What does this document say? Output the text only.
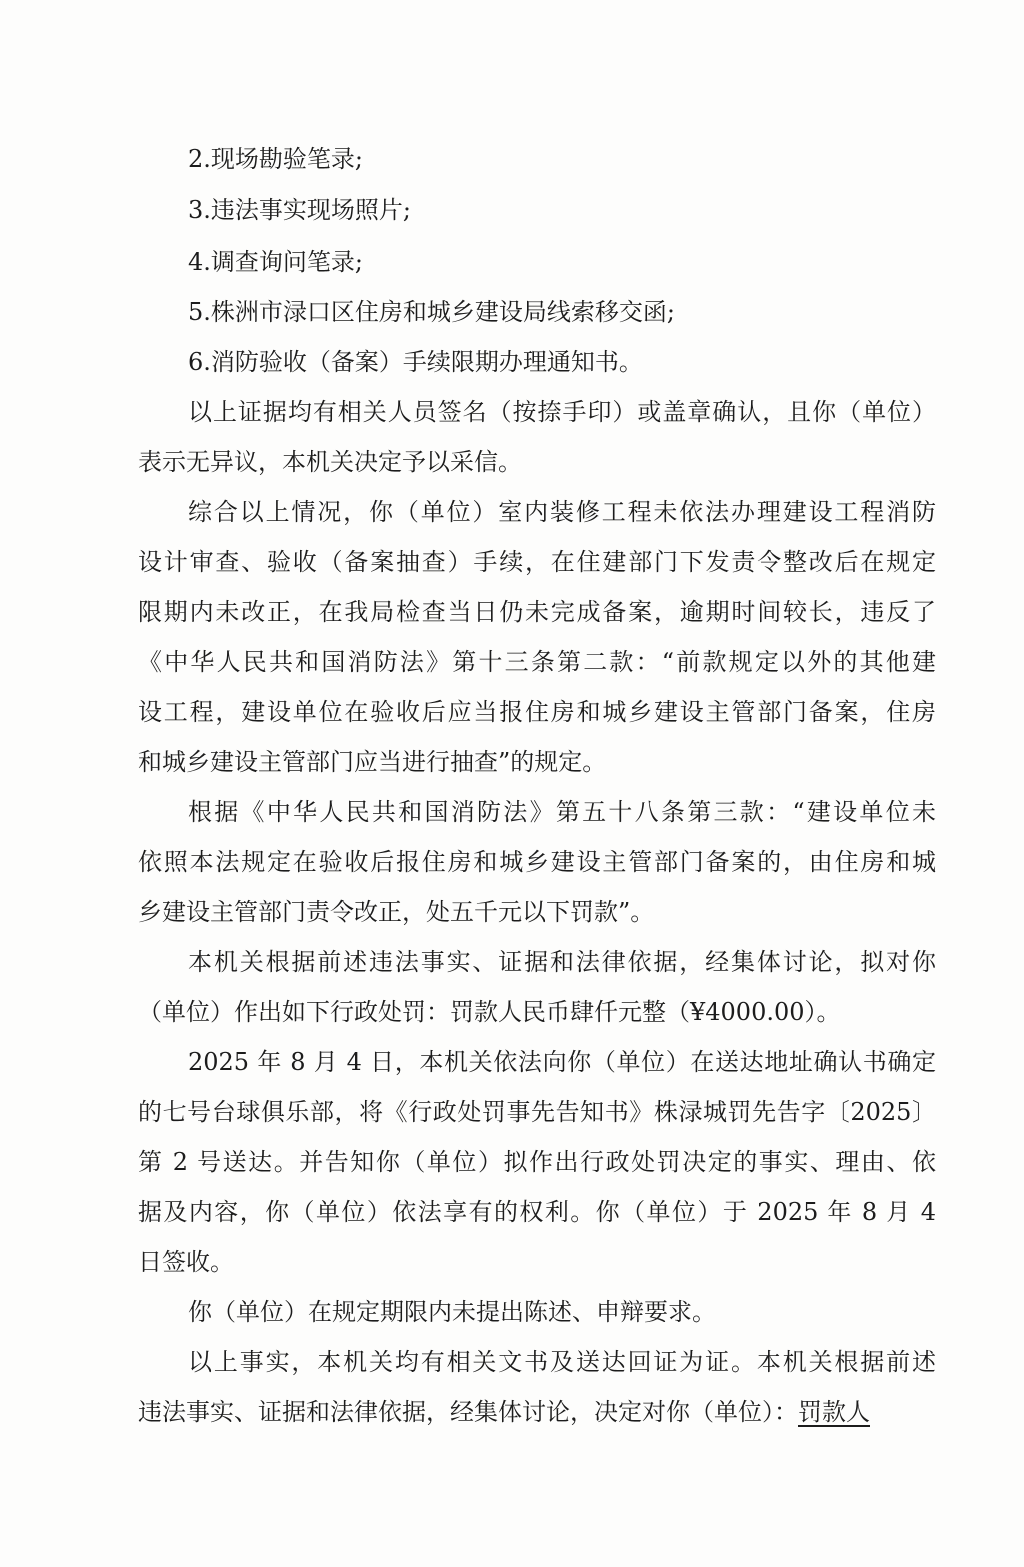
2.现场勘验笔录;
3.违法事实现场照片;
4.调查询问笔录;
5.株洲市渌口区住房和城乡建设局线索移交函;
6.消防验收（备案）手续限期办理通知书。
以上证据均有相关人员签名（按捺手印）或盖章确认，且你（单位）
表示无异议，本机关决定予以采信。
综合以上情况，你（单位）室内装修工程未依法办理建设工程消防
设计审查、验收（备案抽查）手续，在住建部门下发责令整改后在规定
限期内未改正，在我局检查当日仍未完成备案，逾期时间较长，违反了
《中华人民共和国消防法》第十三条第二款：“前款规定以外的其他建
设工程，建设单位在验收后应当报住房和城乡建设主管部门备案，住房
和城乡建设主管部门应当进行抽查”的规定。
根据《中华人民共和国消防法》第五十八条第三款：“建设单位未
依照本法规定在验收后报住房和城乡建设主管部门备案的，由住房和城
乡建设主管部门责令改正，处五千元以下罚款”。
本机关根据前述违法事实、证据和法律依据，经集体讨论，拟对你
（单位）作出如下行政处罚：罚款人民币肆仟元整（¥4000.00）。
2025 年 8 月 4 日，本机关依法向你（单位）在送达地址确认书确定
的七号台球俱乐部，将《行政处罚事先告知书》株渌城罚先告字〔2025〕
第 2 号送达。并告知你（单位）拟作出行政处罚决定的事实、理由、依
据及内容，你（单位）依法享有的权利。你（单位）于 2025 年 8 月 4
日签收。
你（单位）在规定期限内未提出陈述、申辩要求。
以上事实，本机关均有相关文书及送达回证为证。本机关根据前述
违法事实、证据和法律依据，经集体讨论，决定对你（单位）：罚款人
